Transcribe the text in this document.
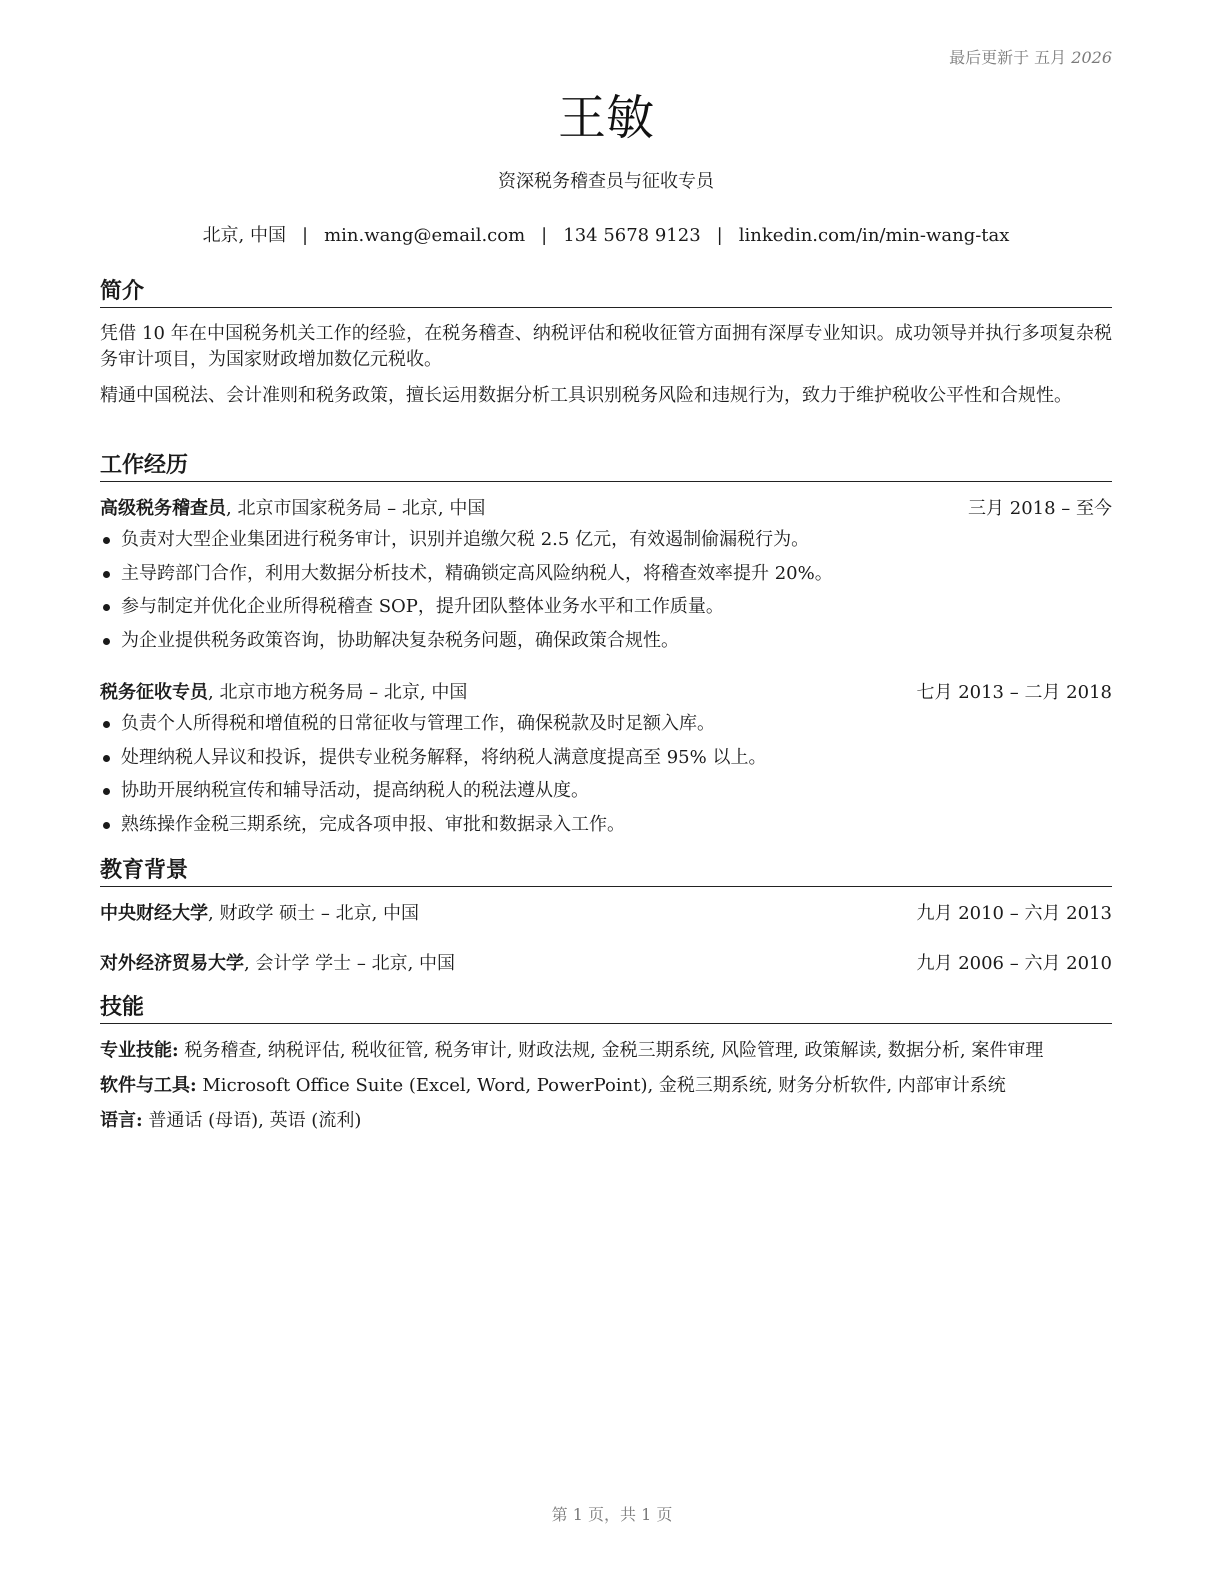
最后更新于 五月 2026
王敏
资深税务稽查员与征收专员
北京, 中国 | min.wang@email.com | 134 5678 9123 | linkedin.com/in/min-wang-tax
简介
凭借 10 年在中国税务机关工作的经验，在税务稽查、纳税评估和税收征管方面拥有深厚专业知识。成功领导并执行多项复杂税务审计项目，为国家财政增加数亿元税收。
精通中国税法、会计准则和税务政策，擅长运用数据分析工具识别税务风险和违规行为，致力于维护税收公平性和合规性。
工作经历
高级税务稽查员, 北京市国家税务局 – 北京, 中国	三月 2018 – 至今
负责对大型企业集团进行税务审计，识别并追缴欠税 2.5 亿元，有效遏制偷漏税行为。
主导跨部门合作，利用大数据分析技术，精确锁定高风险纳税人，将稽查效率提升 20%。
参与制定并优化企业所得税稽查 SOP，提升团队整体业务水平和工作质量。
为企业提供税务政策咨询，协助解决复杂税务问题，确保政策合规性。
税务征收专员, 北京市地方税务局 – 北京, 中国	七月 2013 – 二月 2018
负责个人所得税和增值税的日常征收与管理工作，确保税款及时足额入库。
处理纳税人异议和投诉，提供专业税务解释，将纳税人满意度提高至 95% 以上。
协助开展纳税宣传和辅导活动，提高纳税人的税法遵从度。
熟练操作金税三期系统，完成各项申报、审批和数据录入工作。
教育背景
中央财经大学, 财政学 硕士 – 北京, 中国	九月 2010 – 六月 2013
对外经济贸易大学, 会计学 学士 – 北京, 中国	九月 2006 – 六月 2010
技能
专业技能: 税务稽查, 纳税评估, 税收征管, 税务审计, 财政法规, 金税三期系统, 风险管理, 政策解读, 数据分析, 案件审理
软件与工具: Microsoft Office Suite (Excel, Word, PowerPoint), 金税三期系统, 财务分析软件, 内部审计系统
语言: 普通话 (母语), 英语 (流利)
第 1 页，共 1 页
